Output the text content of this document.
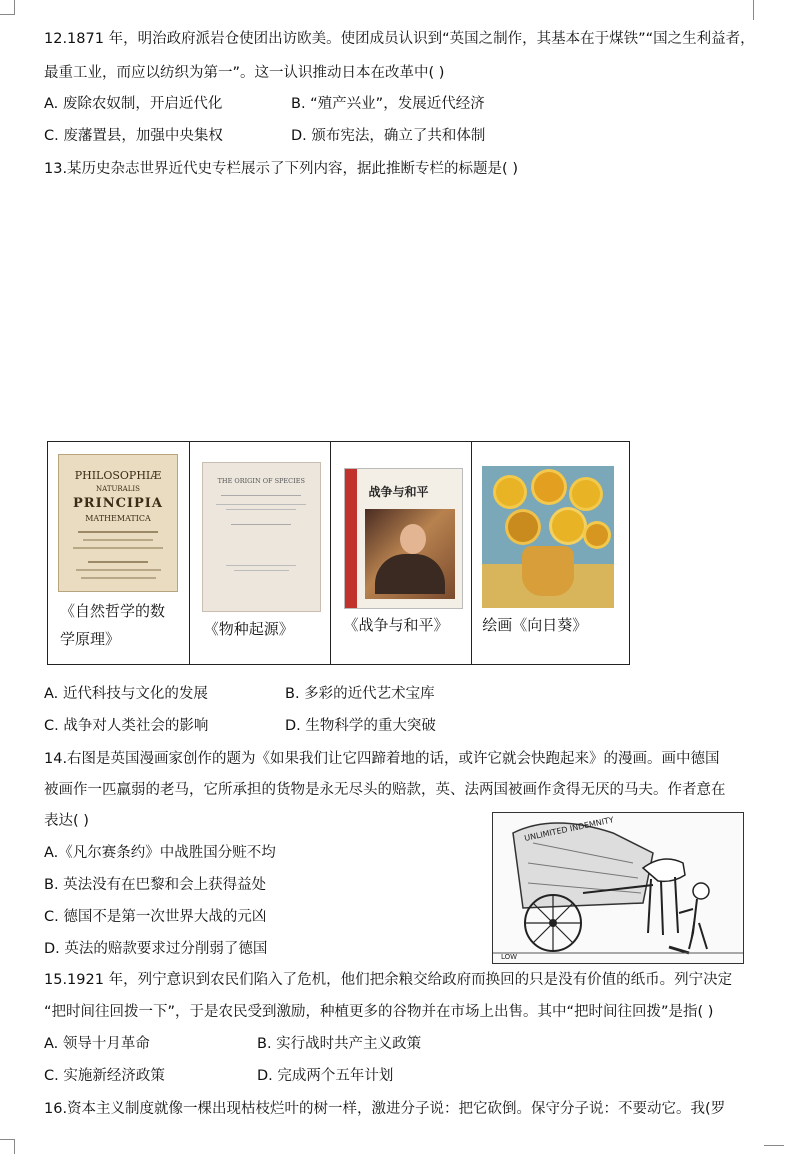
12.1871 年，明治政府派岩仓使团出访欧美。使团成员认识到“英国之制作，其基本在于煤铁”“国之生利益者，
最重工业，而应以纺织为第一”。这一认识推动日本在改革中( )
A. 废除农奴制，开启近代化	B. “殖产兴业”，发展近代经济
C. 废藩置县，加强中央集权	D. 颁布宪法，确立了共和体制
13.某历史杂志世界近代史专栏展示了下列内容，据此推断专栏的标题是( )
PHILOSOPHIÆ
NATURALIS
PRINCIPIA
MATHEMATICA
《自然哲学的数
学原理》
THE ORIGIN OF SPECIES
《物种起源》
战争与和平
《战争与和平》 绘画《向日葵》
A. 近代科技与文化的发展	B. 多彩的近代艺术宝库
C. 战争对人类社会的影响	D. 生物科学的重大突破
14.右图是英国漫画家创作的题为《如果我们让它四蹄着地的话，或许它就会快跑起来》的漫画。画中德国
被画作一匹羸弱的老马，它所承担的货物是永无尽头的赔款，英、法两国被画作贪得无厌的马夫。作者意在
表达( )
A.《凡尔赛条约》中战胜国分赃不均
B. 英法没有在巴黎和会上获得益处
C. 德国不是第一次世界大战的元凶
D. 英法的赔款要求过分削弱了德国
UNLIMITED INDEMNITY
LOW
15.1921 年，列宁意识到农民们陷入了危机，他们把余粮交给政府而换回的只是没有价值的纸币。列宁决定
“把时间往回拨一下”，于是农民受到激励，种植更多的谷物并在市场上出售。其中“把时间往回拨”是指( )
A. 领导十月革命	B. 实行战时共产主义政策
C. 实施新经济政策	D. 完成两个五年计划
16.资本主义制度就像一棵出现枯枝烂叶的树一样，激进分子说：把它砍倒。保守分子说：不要动它。我(罗
